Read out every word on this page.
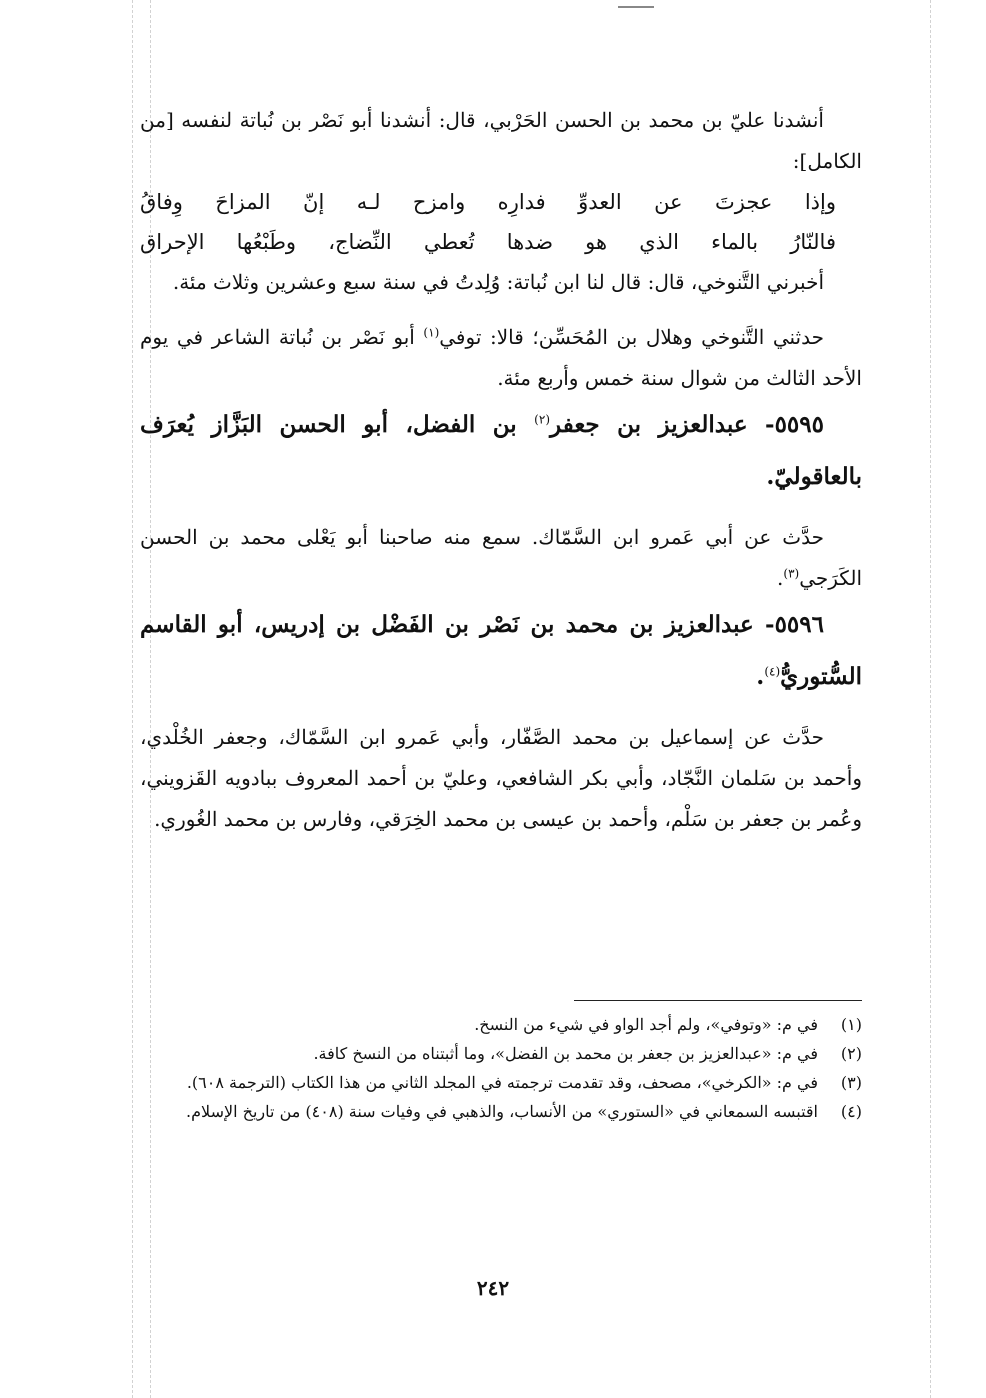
أنشدنا عليّ بن محمد بن الحسن الحَرْبي، قال: أنشدنا أبو نَصْر بن نُباتة لنفسه [من الكامل]:

وإذا عجزتَ عن العدوِّ فدارِه وامزح لـه إنّ المزاحَ وِفاقُ

فالنّارُ بالماء الذي هو ضدها تُعطي النِّضاج، وطَبْعُها الإحراق

أخبرني التَّنوخي، قال: قال لنا ابن نُباتة: وُلِدتُ في سنة سبع وعشرين وثلاث مئة.

حدثني التَّنوخي وهلال بن المُحَسِّن؛ قالا: توفي$^{(١)}$ أبو نَصْر بن نُباتة الشاعر في يوم الأحد الثالث من شوال سنة خمس وأربع مئة.

٥٥٩٥- عبدالعزيز بن جعفر$^{(٢)}$ بن الفضل، أبو الحسن البَزَّاز يُعرَف بالعاقوليّ.

حدَّث عن أبي عَمرو ابن السَّمّاك. سمع منه صاحبنا أبو يَعْلى محمد بن الحسن الكَرَجي$^{(٣)}$.

٥٥٩٦- عبدالعزيز بن محمد بن نَصْر بن الفَضْل بن إدريس، أبو القاسم السُّتوريُّ$^{(٤)}$.

حدَّث عن إسماعيل بن محمد الصَّفّار، وأبي عَمرو ابن السَّمّاك، وجعفر الخُلْدي، وأحمد بن سَلمان النَّجّاد، وأبي بكر الشافعي، وعليّ بن أحمد المعروف ببادويه القَزويني، وعُمر بن جعفر بن سَلْم، وأحمد بن عيسى بن محمد الخِرَقي، وفارس بن محمد الغُوري.

(١)
في م: «وتوفي»، ولم أجد الواو في شيء من النسخ.
(٢)
في م: «عبدالعزيز بن جعفر بن محمد بن الفضل»، وما أثبتناه من النسخ كافة.
(٣)
في م: «الكرخي»، مصحف، وقد تقدمت ترجمته في المجلد الثاني من هذا الكتاب (الترجمة ٦٠٨).
(٤)
اقتبسه السمعاني في «الستوري» من الأنساب، والذهبي في وفيات سنة (٤٠٨) من تاريخ الإسلام.
٢٤٢
